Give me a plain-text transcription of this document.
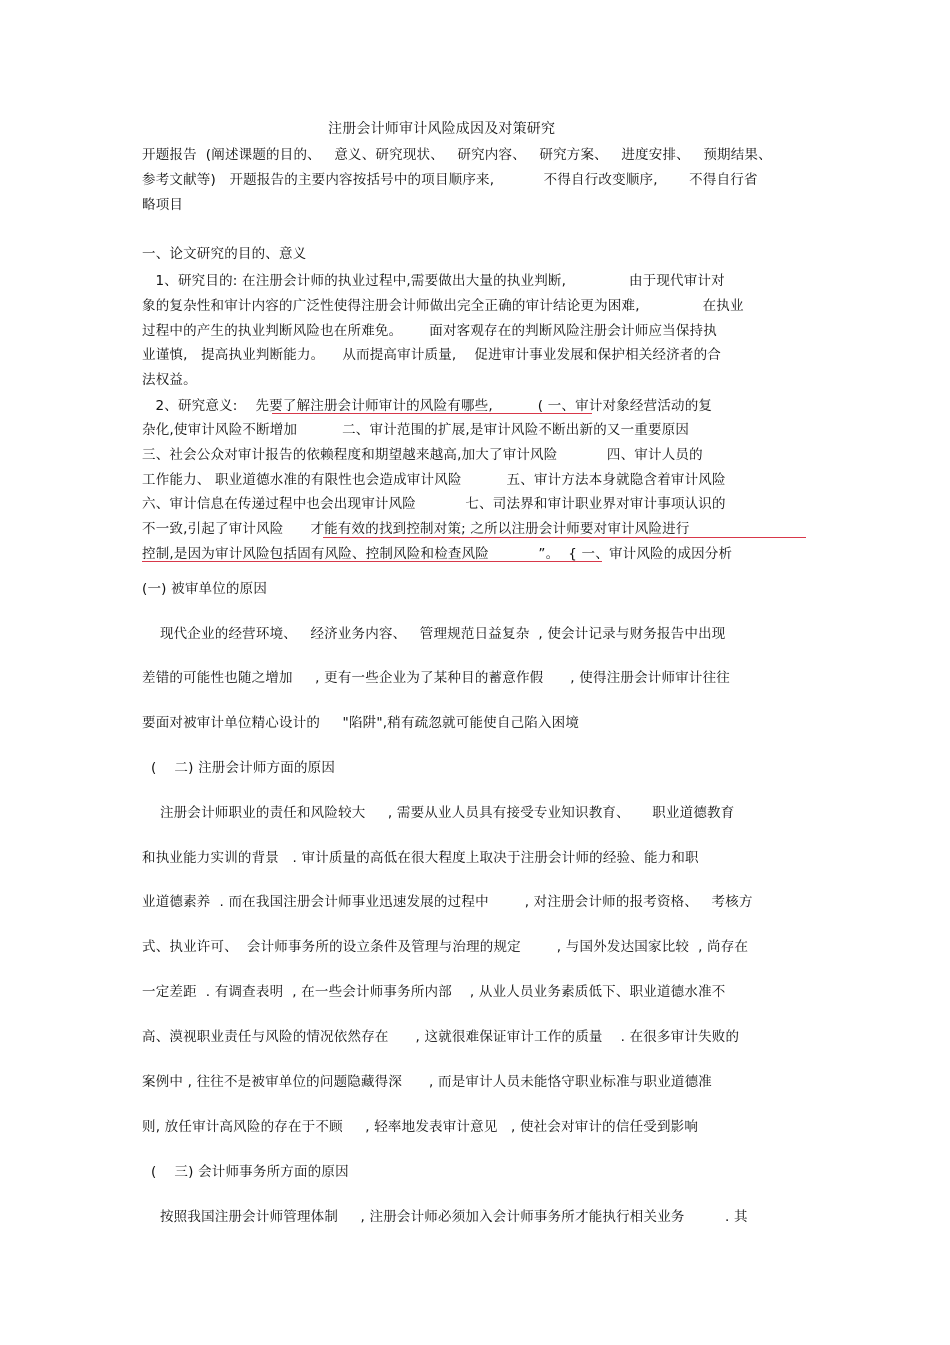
注册会计师审计风险成因及对策研究
开题报告  (阐述课题的目的、   意义、研究现状、   研究内容、   研究方案、   进度安排、   预期结果、
参考文献等)   开题报告的主要内容按括号中的项目顺序来,           不得自行改变顺序,       不得自行省
略项目
一、论文研究的目的、意义
1、研究目的: 在注册会计师的执业过程中,需要做出大量的执业判断,              由于现代审计对
象的复杂性和审计内容的广泛性使得注册会计师做出完全正确的审计结论更为困难,              在执业
过程中的产生的执业判断风险也在所难免。      面对客观存在的判断风险注册会计师应当保持执
业谨慎,   提高执业判断能力。    从而提高审计质量,    促进审计事业发展和保护相关经济者的合
法权益。
2、研究意义:    先要了解注册会计师审计的风险有哪些,          ( 一、审计对象经营活动的复
杂化,使审计风险不断增加          二、审计范围的扩展,是审计风险不断出新的又一重要原因
三、社会公众对审计报告的依赖程度和期望越来越高,加大了审计风险           四、审计人员的
工作能力、 职业道德水准的有限性也会造成审计风险          五、审计方法本身就隐含着审计风险
六、审计信息在传递过程中也会出现审计风险           七、司法界和审计职业界对审计事项认识的
不一致,引起了审计风险      才能有效的找到控制对策; 之所以注册会计师要对审计风险进行
控制,是因为审计风险包括固有风险、控制风险和检查风险           ”。  { 一、审计风险的成因分析
(一) 被审单位的原因
现代企业的经营环境、   经济业务内容、   管理规范日益复杂  , 使会计记录与财务报告中出现
差错的可能性也随之增加     , 更有一些企业为了某种目的蓄意作假      , 使得注册会计师审计往往
要面对被审计单位精心设计的     "陷阱",稍有疏忽就可能使自己陷入困境
(    二) 注册会计师方面的原因
注册会计师职业的责任和风险较大     , 需要从业人员具有接受专业知识教育、     职业道德教育
和执业能力实训的背景   . 审计质量的高低在很大程度上取决于注册会计师的经验、能力和职
业道德素养  . 而在我国注册会计师事业迅速发展的过程中        , 对注册会计师的报考资格、   考核方
式、执业许可、  会计师事务所的设立条件及管理与治理的规定        , 与国外发达国家比较  , 尚存在
一定差距  . 有调查表明  , 在一些会计师事务所内部    , 从业人员业务素质低下、职业道德水准不
高、漠视职业责任与风险的情况依然存在      , 这就很难保证审计工作的质量    . 在很多审计失败的
案例中 , 往往不是被审单位的问题隐藏得深      , 而是审计人员未能恪守职业标准与职业道德准
则, 放任审计高风险的存在于不顾     , 轻率地发表审计意见   , 使社会对审计的信任受到影响
(    三) 会计师事务所方面的原因
按照我国注册会计师管理体制     , 注册会计师必须加入会计师事务所才能执行相关业务         . 其
